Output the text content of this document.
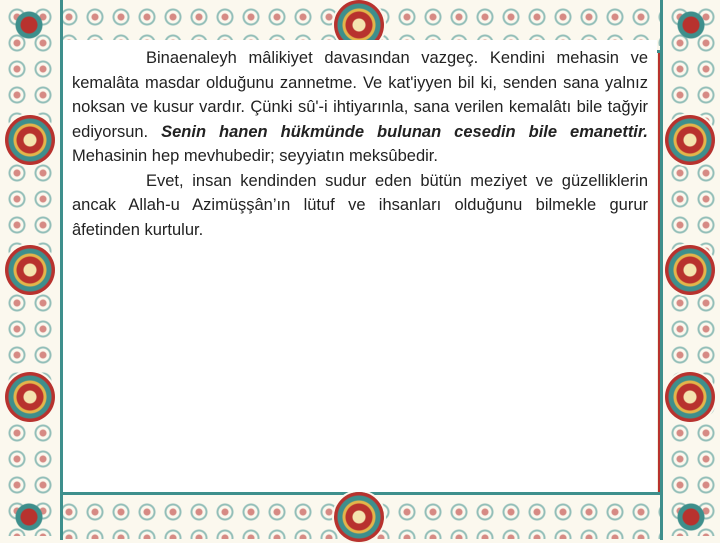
Binaenaleyh mâlikiyet davasından vazgeç. Kendini mehasin ve kemalâta masdar olduğunu zannetme. Ve kat'iyyen bil ki, senden sana yalnız noksan ve kusur vardır. Çünki sû'-i ihtiyarınla, sana verilen kemalâtı bile tağyir ediyorsun. Senin hanen hükmünde bulunan cesedin bile emanettir. Mehasinin hep mevhubedir; seyyiatın meksûbedir.

Evet, insan kendinden sudur eden bütün meziyet ve güzelliklerin ancak Allah-u Azimüşşân’ın lütuf ve ihsanları olduğunu bilmekle gurur âfetinden kurtulur.
